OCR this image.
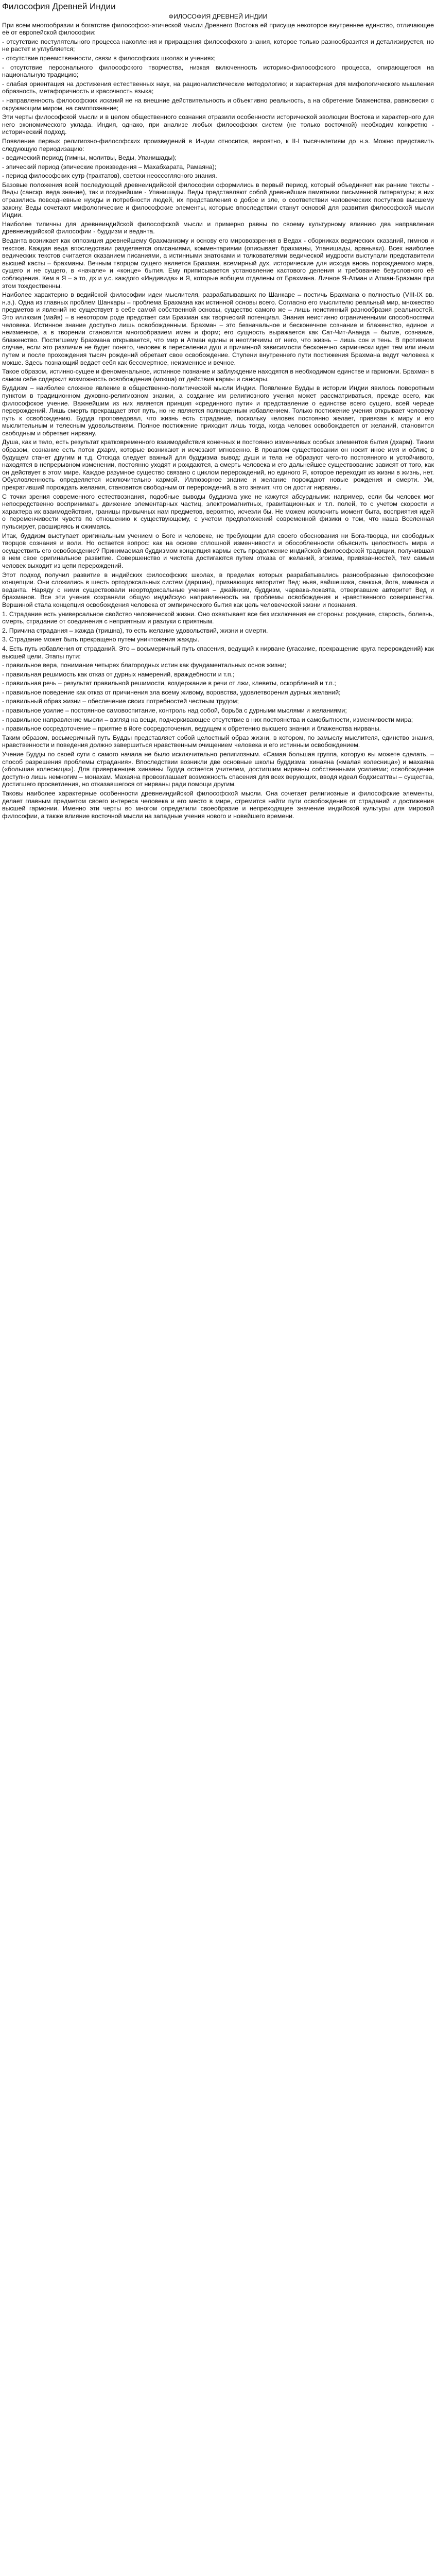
Философия Древней Индии
ФИЛОСОФИЯ ДРЕВНЕЙ ИНДИИ

При всем многообразии и богатстве философско-этической мысли Древнего Востока ей присуще некоторое внутреннее единство, отличающее её от европейской философии:

- отсутствие постулятельного процесса накопления и приращения философского знания, которое только разнообразится и детализируется, но не растет и углубляется;

- отсутствие преемственности, связи в философских школах и учениях;

- отсутствие персонального философского творчества, низкая включенность историко-философского процесса, опирающегося на национальную традицию;

- слабая ориентация на достижения естественных наук, на рационалистические методологию; и характерная для мифологического мышления образность, метафоричность и красочность языка;

- направленность философских исканий не на внешние действительность и объективно реальность, а на обретение блаженства, равновесия с окружающим миром, на самопознание;

Эти черты философской мысли и в целом общественного сознания отразили особенности исторической эволюции Востока и характерного для него экономического уклада. Индия, однако, при анализе любых философских систем (не только восточной) необходим конкретно - исторический подход.

Появление первых религиозно-философских произведений в Индии относится, вероятно, к II-I тысячелетиям до н.э. Можно представить следующую периодизацию:

- ведический период (гимны, молитвы, Веды, Упанишады);

- эпический период (эпические произведения – Махабхарата, Рамаяна);

- период философских сутр (трактатов), светски неоссоглясного знания.

Базовые положения всей последующей древнеиндийской философии оформились в первый период, который объединяет как ранние тексты - Веды (санскр. веда знание), так и позднейшие - Упанишады. Веды представляют собой древнейшие памятники письменной литературы; в них отразились повседневные нужды и потребности людей, их представления о добре и зле, о соответствии человеческих поступков высшему закону. Веды сочетают мифологические и философские элементы, которые впоследствии станут основой для развития философской мысли Индии.

Наиболее типичны для древнеиндийской философской мысли и примерно равны по своему культурному влиянию два направления древнеиндийской философии - буддизм и веданта.

Веданта возникает как оппозиция древнейшему брахманизму и основу его мировоззрения в Ведах - сборниках ведических сказаний, гимнов и текстов. Каждая веда впоследствии разделяется описаниями, комментариями (описывает брахманы, Упанишады, араньяки). Всех наиболее ведических текстов считается сказанием писаниями, а истинными знатоками и толкователями ведической мудрости выступали представители высшей касты – брахманы. Вечным творцом сущего является Брахман, всемирный дух, исторические для исхода вновь порождаемого мира, сущего и не сущего, в «начале» и «конце» бытия. Ему приписывается установление кастового деления и требование безусловного её соблюдения. Кем я Я – э то, дх и у.с. каждого «Индивида» и Я, которые вобщем отделены от Брахмана. Личное Я-Атман и Атман-Брахман при этом тождественны.

Наиболее характерно в ведийской философии идеи мыслителя, разрабатывавших по Шанкаре – постичь Брахмана о полностью (VIII-IX вв. н.э.). Одна из главных проблем Шанкары – проблема Брахмана как истинной основы всего. Согласно его мыслителю реальный мир, множество предметов и явлений не существует в себе самой собственной основы, существо самого же – лишь неистинный разнообразия реальностей. Это иллюзия (майя) – в некотором роде предстает сам Брахман как творческий потенциал. Знания неистинно ограниченными способностями человека. Истинное знание доступно лишь освобожденным. Брахман – это безначальное и бесконечное сознание и блаженство, единое и неизменное, а в творении становится многообразием имен и форм; его сущность выражается как Сат-Чит-Ананда – бытие, сознание, блаженство. Постигшему Брахмана открывается, что мир и Атман едины и неотличимы от него, что жизнь – лишь сон и тень. В противном случае, если это различие не будет понято, человек в переселении душ и причинной зависимости бесконечно кармически идет тем или иным путем и после прохождения тысяч рождений обретает свое освобождение. Ступени внутреннего пути постижения Брахмана ведут человека к мокше. Здесь познающий ведает себя как бессмертное, неизменное и вечное.

Такое образом, истинно-сущее и феноменальное, истинное познание и заблуждение находятся в необходимом единстве и гармонии. Брахман в самом себе содержит возможность освобождения (мокша) от действия кармы и сансары.

Буддизм – наиболее сложное явление в общественно-политической мысли Индии. Появление Будды в истории Индии явилось поворотным пунктом в традиционном духовно-религиозном знании, а создание им религиозного учения может рассматриваться, прежде всего, как философское учение. Важнейшим из них является принцип «срединного пути» и представление о единстве всего сущего, всей череде перерождений. Лишь смерть прекращает этот путь, но не является полноценным избавлением. Только постижение учения открывает человеку путь к освобождению. Будда проповедовал, что жизнь есть страдание, поскольку человек постоянно желает, привязан к миру и его мыслительным и телесным удовольствиям. Полное постижение приходит лишь тогда, когда человек освобождается от желаний, становится свободным и обретает нирвану.

Душа, как и тело, есть результат кратковременного взаимодействия конечных и постоянно изменчивых особых элементов бытия (дхарм). Таким образом, сознание есть поток дхарм, которые возникают и исчезают мгновенно. В прошлом существовании он носит иное имя и облик; в будущем станет другим и т.д. Отсюда следует важный для буддизма вывод: души и тела не образуют чего-то постоянного и устойчивого, находятся в непрерывном изменении, постоянно уходят и рождаются, а смерть человека и его дальнейшее существование зависят от того, как он действует в этом мире. Каждое разумное существо связано с циклом перерождений, но единого Я, которое переходит из жизни в жизнь, нет. Обусловленность определяется исключительно кармой. Иллюзорное знание и желание порождают новые рождения и смерти. Ум, прекративший порождать желания, становится свободным от перерождений, а это значит, что он достиг нирваны.

С точки зрения современного естествознания, подобные выводы буддизма уже не кажутся абсурдными: например, если бы человек мог непосредственно воспринимать движение элементарных частиц, электромагнитных, гравитационных и т.п. полей, то с учетом скорости и характера их взаимодействия, границы привычных нам предметов, вероятно, исчезли бы. Не можем исключить момент быта, восприятия идей о переменчивости чувств по отношению к существующему, с учетом предположений современной физики о том, что наша Вселенная пульсирует, расширяясь и сжимаясь.

Итак, буддизм выступает оригинальным учением о Боге и человеке, не требующим для своего обоснования ни Бога-творца, ни свободных творцов сознания и воли. Но остается вопрос: как на основе сплошной изменчивости и обособленности объяснить целостность мира и осуществить его освобождение? Принимаемая буддизмом концепция кармы есть продолжение индийской философской традиции, получившая в нем свое оригинальное развитие. Совершенство и чистота достигаются путем отказа от желаний, эгоизма, привязанностей, тем самым человек выходит из цепи перерождений.

Этот подход получил развитие в индийских философских школах, в пределах которых разрабатывались разнообразные философские концепции. Они сложились в шесть ортодоксальных систем (даршан), признающих авторитет Вед: ньяя, вайшешика, санкхья, йога, миманса и веданта. Наряду с ними существовали неортодоксальные учения – джайнизм, буддизм, чарвака-локаята, отвергавшие авторитет Вед и брахманов. Все эти учения сохраняли общую индийскую направленность на проблемы освобождения и нравственного совершенства. Вершиной стала концепция освобождения человека от эмпирического бытия как цель человеческой жизни и познания.

1. Страдание есть универсальное свойство человеческой жизни. Оно охватывает все без исключения ее стороны: рождение, старость, болезнь, смерть, страдание от соединения с неприятным и разлуки с приятным.

2. Причина страдания – жажда (тришна), то есть желание удовольствий, жизни и смерти.

3. Страдание может быть прекращено путем уничтожения жажды.

4. Есть путь избавления от страданий. Это – восьмеричный путь спасения, ведущий к нирване (угасание, прекращение круга перерождений) как высшей цели. Этапы пути:

- правильное вера, понимание четырех благородных истин как фундаментальных основ жизни;

- правильная решимость как отказ от дурных намерений, враждебности и т.п.;

- правильная речь – результат правильной решимости, воздержание в речи от лжи, клеветы, оскорблений и т.п.;

- правильное поведение как отказ от причинения зла всему живому, воровства, удовлетворения дурных желаний;

- правильный образ жизни – обеспечение своих потребностей честным трудом;

- правильное усилие – постоянное самовоспитание, контроль над собой, борьба с дурными мыслями и желаниями;

- правильное направление мысли – взгляд на вещи, подчеркивающее отсутствие в них постоянства и самобытности, изменчивости мира;

- правильное сосредоточение – приятие в йоге сосредоточения, ведущем к обретению высшего знания и блаженства нирваны.

Таким образом, восьмеричный путь Будды представляет собой целостный образ жизни, в котором, по замыслу мыслителя, единство знания, нравственности и поведения должно завершиться нравственным очищением человека и его истинным освобождением.

Учение Будды по своей сути с самого начала не было исключительно религиозным. «Самая большая группа, которую вы можете сделать, – способ разрешения проблемы страдания». Впоследствии возникли две основные школы буддизма: хинаяна («малая колесница») и махаяна («большая колесница»). Для приверженцев хинаяны Будда остается учителем, достигшим нирваны собственными усилиями; освобождение доступно лишь немногим – монахам. Махаяна провозглашает возможность спасения для всех верующих, вводя идеал бодхисаттвы – существа, достигшего просветления, но отказавшегося от нирваны ради помощи другим.

Таковы наиболее характерные особенности древнеиндийской философской мысли. Она сочетает религиозные и философские элементы, делает главным предметом своего интереса человека и его место в мире, стремится найти пути освобождения от страданий и достижения высшей гармонии. Именно эти черты во многом определили своеобразие и непреходящее значение индийской культуры для мировой философии, а также влияние восточной мысли на западные учения нового и новейшего времени.
